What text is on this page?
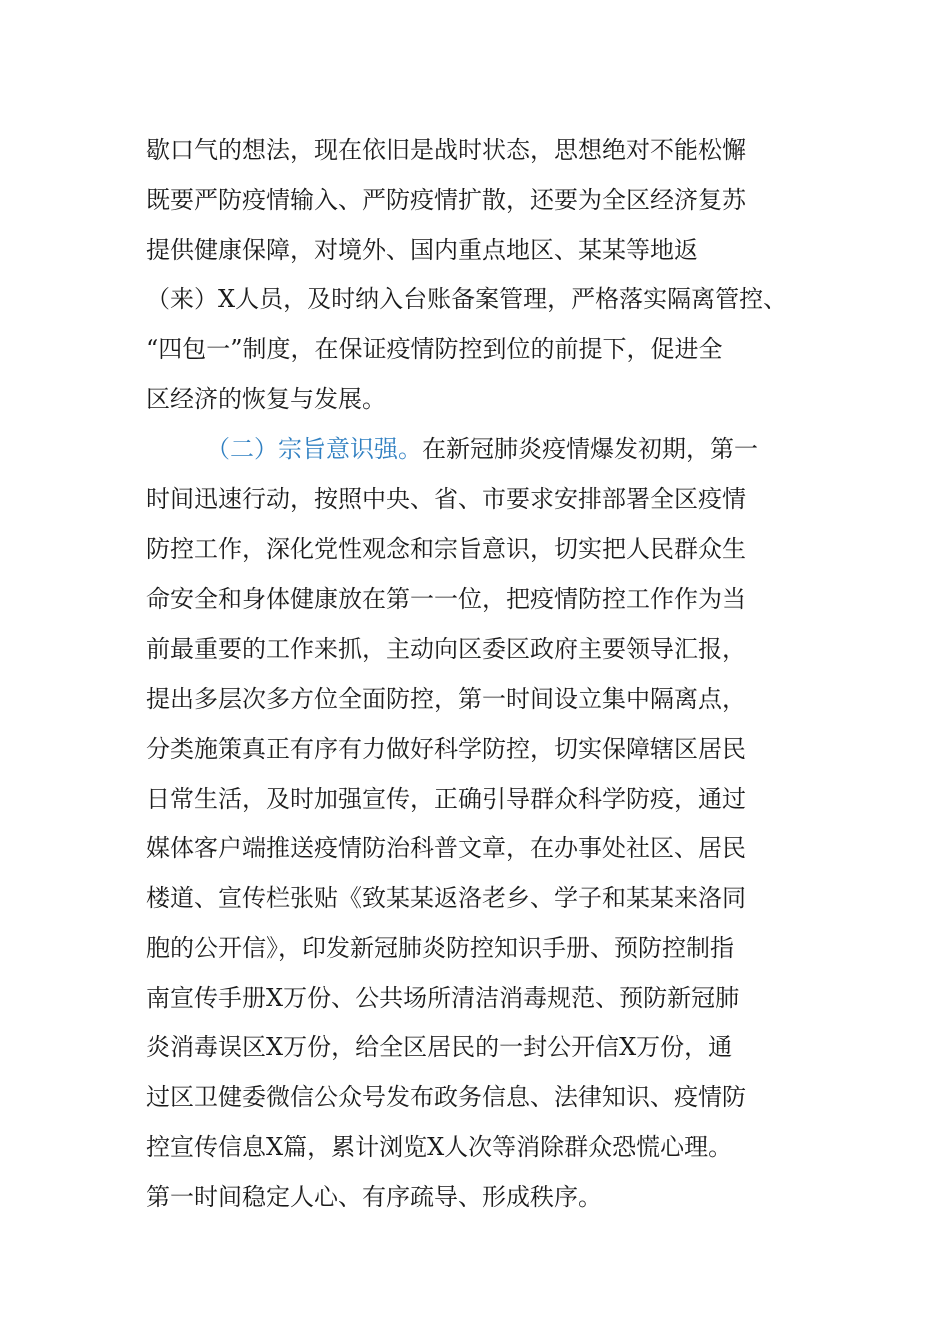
歇口气的想法，现在依旧是战时状态，思想绝对不能松懈
既要严防疫情输入、严防疫情扩散，还要为全区经济复苏
提供健康保障，对境外、国内重点地区、某某等地返
（来）X人员，及时纳入台账备案管理，严格落实隔离管控、
“四包一”制度，在保证疫情防控到位的前提下，促进全
区经济的恢复与发展。
（二）宗旨意识强。在新冠肺炎疫情爆发初期，第一
时间迅速行动，按照中央、省、市要求安排部署全区疫情
防控工作，深化党性观念和宗旨意识，切实把人民群众生
命安全和身体健康放在第一一位，把疫情防控工作作为当
前最重要的工作来抓，主动向区委区政府主要领导汇报，
提出多层次多方位全面防控，第一时间设立集中隔离点，
分类施策真正有序有力做好科学防控，切实保障辖区居民
日常生活，及时加强宣传，正确引导群众科学防疫，通过
媒体客户端推送疫情防治科普文章，在办事处社区、居民
楼道、宣传栏张贴《致某某返洛老乡、学子和某某来洛同
胞的公开信》，印发新冠肺炎防控知识手册、预防控制指
南宣传手册X万份、公共场所清洁消毒规范、预防新冠肺
炎消毒误区X万份，给全区居民的一封公开信X万份，通
过区卫健委微信公众号发布政务信息、法律知识、疫情防
控宣传信息X篇，累计浏览X人次等消除群众恐慌心理。
第一时间稳定人心、有序疏导、形成秩序。
